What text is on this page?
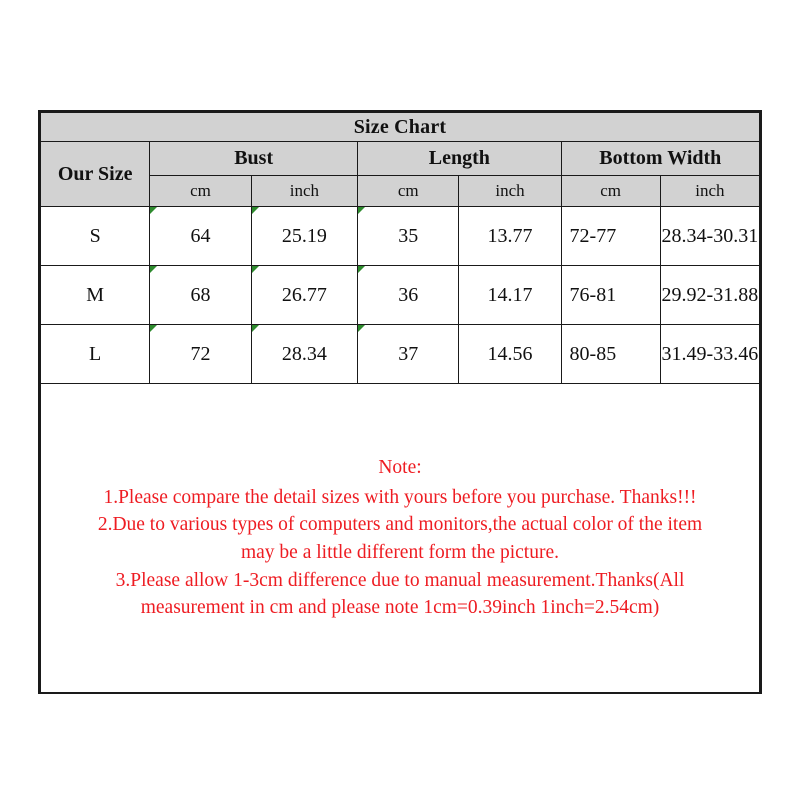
Size Chart						
Our Size	Bust		Length		Bottom Width	
	cm	inch	cm	inch	cm	inch
S	64	25.19	35	13.77	72-77	28.34-30.31
M	68	26.77	36	14.17	76-81	29.92-31.88
L	72	28.34	37	14.56	80-85	31.49-33.46

Note:
1.Please compare the detail sizes with yours before you purchase. Thanks!!!
2.Due to various types of computers and monitors,the actual color of the item
may be a little different form the picture.
3.Please allow 1-3cm difference due to manual measurement.Thanks(All
measurement in cm and please note 1cm=0.39inch 1inch=2.54cm)
